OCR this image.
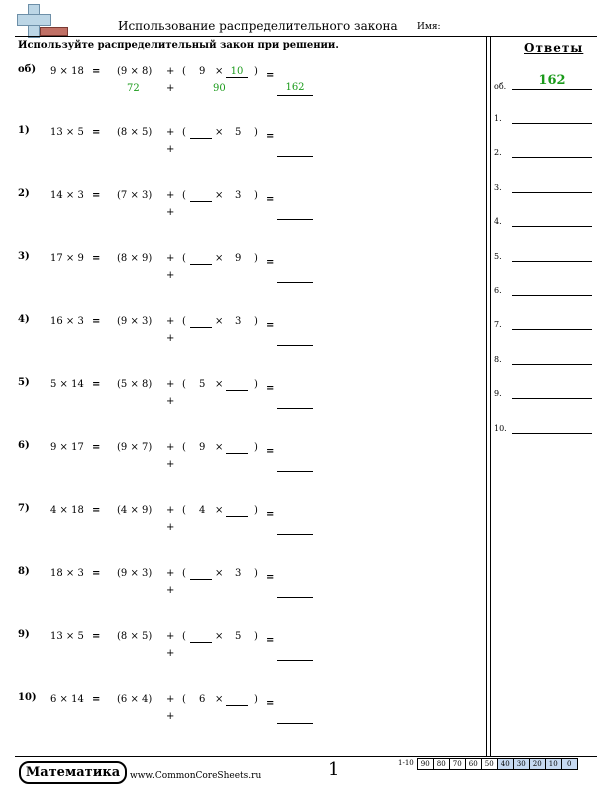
Использование распределительного закона Имя:
Используйте распределительный закон при решении.	Ответы
об) 9 × 18 = (9 × 8) + ( 9 × 10	) =
72	+	90	162
1) 13 × 5 = (8 × 5) + (	× 5 ) =
+
2) 14 × 3 = (7 × 3) + (	× 3 ) =
+
3) 17 × 9 = (8 × 9) + (	× 9 ) =
+
4) 16 × 3 = (9 × 3) + (	× 3 ) =
+
5) 5 × 14 = (5 × 8) + ( 5 ×	) =
+
6) 9 × 17 = (9 × 7) + ( 9 ×	) =
+
7) 4 × 18 = (4 × 9) + ( 4 ×	) =
+
8) 18 × 3 = (9 × 3) + (	× 3 ) =
+
9) 13 × 5 = (8 × 5) + (	× 5 ) =
+
10) 6 × 14 = (6 × 4) + ( 6 ×	) =
+
об.	162
1.
2.
3.
4.
5.
6.
7.
8.
9.
10.
Математика	www.CommonCoreSheets.ru	1	1-10	90	80	70	60	50	40	30	20	10	0
